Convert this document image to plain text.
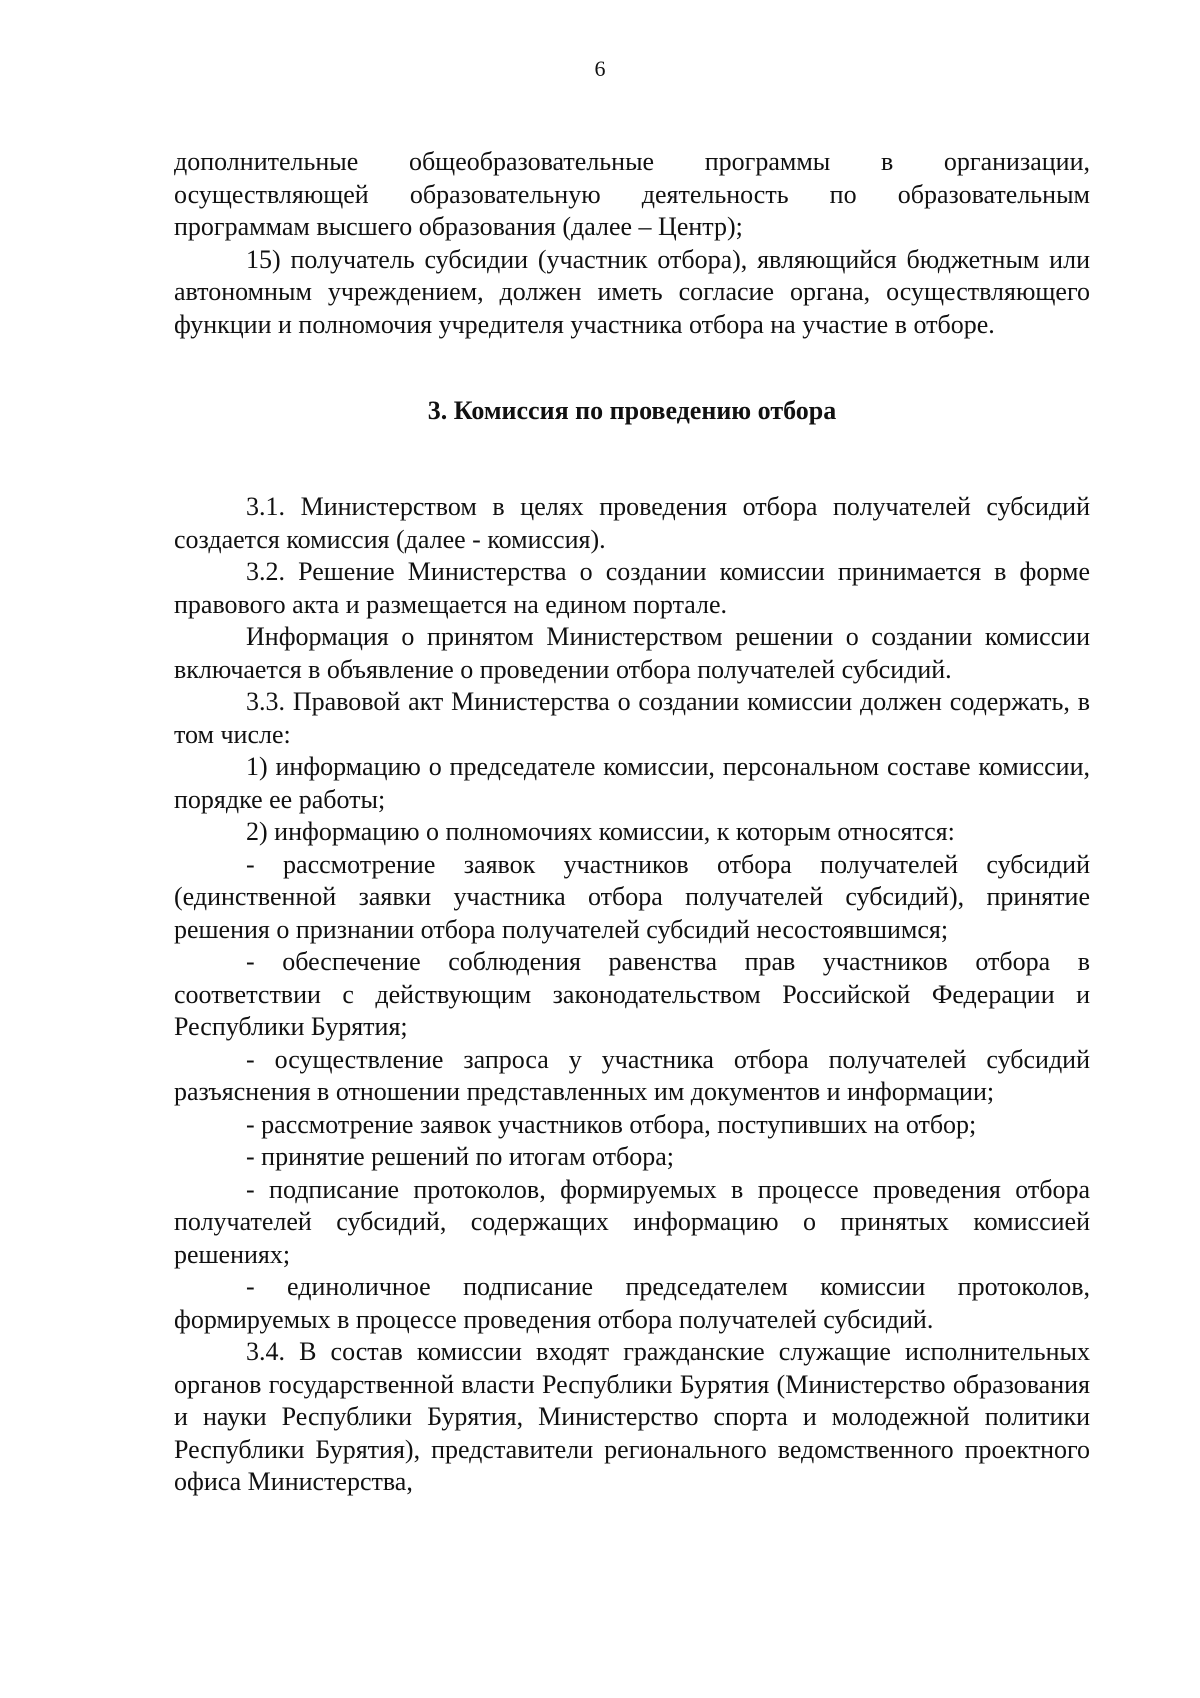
6

дополнительные общеобразовательные программы в организации, осуществляющей образовательную деятельность по образовательным программам высшего образования (далее – Центр);

15) получатель субсидии (участник отбора), являющийся бюджетным или автономным учреждением, должен иметь согласие органа, осуществляющего функции и полномочия учредителя участника отбора на участие в отборе.

3. Комиссия по проведению отбора

3.1. Министерством в целях проведения отбора получателей субсидий создается комиссия (далее - комиссия).

3.2. Решение Министерства о создании комиссии принимается в форме правового акта и размещается на едином портале.

Информация о принятом Министерством решении о создании комиссии включается в объявление о проведении отбора получателей субсидий.

3.3. Правовой акт Министерства о создании комиссии должен содержать, в том числе:

1) информацию о председателе комиссии, персональном составе комиссии, порядке ее работы;

2) информацию о полномочиях комиссии, к которым относятся:

- рассмотрение заявок участников отбора получателей субсидий (единственной заявки участника отбора получателей субсидий), принятие решения о признании отбора получателей субсидий несостоявшимся;

- обеспечение соблюдения равенства прав участников отбора в соответствии с действующим законодательством Российской Федерации и Республики Бурятия;

- осуществление запроса у участника отбора получателей субсидий разъяснения в отношении представленных им документов и информации;

- рассмотрение заявок участников отбора, поступивших на отбор;

- принятие решений по итогам отбора;

- подписание протоколов, формируемых в процессе проведения отбора получателей субсидий, содержащих информацию о принятых комиссией решениях;

- единоличное подписание председателем комиссии протоколов, формируемых в процессе проведения отбора получателей субсидий.

3.4. В состав комиссии входят гражданские служащие исполнительных органов государственной власти Республики Бурятия (Министерство образования и науки Республики Бурятия, Министерство спорта и молодежной политики Республики Бурятия), представители регионального ведомственного проектного офиса Министерства,
